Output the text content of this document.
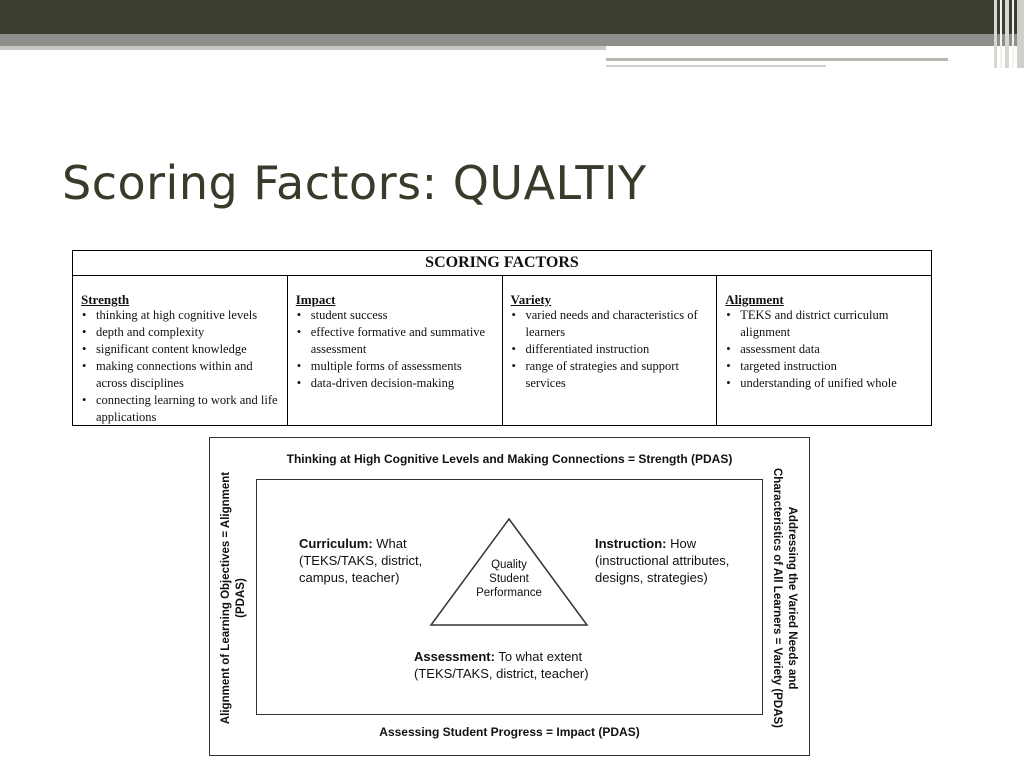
Scoring Factors: QUALTIY
SCORING FACTORS
Strength
• thinking at high cognitive levels
• depth and complexity
• significant content knowledge
• making connections within and across disciplines
• connecting learning to work and life applications
Impact
• student success
• effective formative and summative assessment
• multiple forms of assessments
• data-driven decision-making
Variety
• varied needs and characteristics of learners
• differentiated instruction
• range of strategies and support services
Alignment
• TEKS and district curriculum alignment
• assessment data
• targeted instruction
• understanding of unified whole
Thinking at High Cognitive Levels and Making Connections = Strength (PDAS)
Alignment of Learning Objectives = Alignment (PDAS)	Addressing the Varied Needs and
Characteristics of All Learners = Variety (PDAS)
Curriculum: What (TEKS/TAKS, district, campus, teacher)
Instruction: How (instructional attributes, designs, strategies)
Quality
Student
Performance
Assessment: To what extent (TEKS/TAKS, district, teacher)
Assessing Student Progress = Impact (PDAS)
